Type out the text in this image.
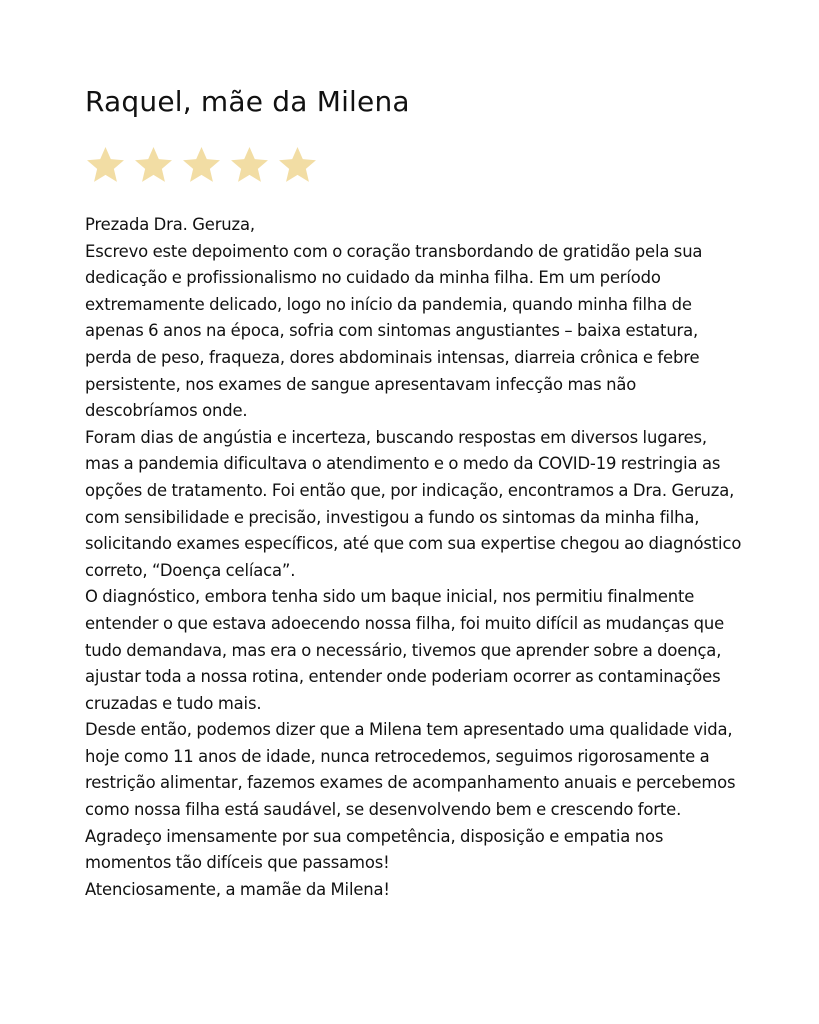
Raquel, mãe da Milena
Prezada Dra. Geruza,
Escrevo este depoimento com o coração transbordando de gratidão pela sua dedicação e profissionalismo no cuidado da minha filha. Em um período extremamente delicado, logo no início da pandemia, quando minha filha de apenas 6 anos na época, sofria com sintomas angustiantes – baixa estatura, perda de peso, fraqueza, dores abdominais intensas, diarreia crônica e febre persistente, nos exames de sangue apresentavam infecção mas não descobríamos onde.
Foram dias de angústia e incerteza, buscando respostas em diversos lugares, mas a pandemia dificultava o atendimento e o medo da COVID-19 restringia as opções de tratamento. Foi então que, por indicação, encontramos a Dra. Geruza, com sensibilidade e precisão, investigou a fundo os sintomas da minha filha, solicitando exames específicos, até que com sua expertise chegou ao diagnóstico correto, “Doença celíaca”.
O diagnóstico, embora tenha sido um baque inicial, nos permitiu finalmente entender o que estava adoecendo nossa filha, foi muito difícil as mudanças que tudo demandava, mas era o necessário, tivemos que aprender sobre a doença, ajustar toda a nossa rotina, entender onde poderiam ocorrer as contaminações cruzadas e tudo mais.
Desde então, podemos dizer que a Milena tem apresentado uma qualidade vida, hoje como 11 anos de idade, nunca retrocedemos, seguimos rigorosamente a restrição alimentar, fazemos exames de acompanhamento anuais e percebemos como nossa filha está saudável, se desenvolvendo bem e crescendo forte.
Agradeço imensamente por sua competência, disposição e empatia nos momentos tão difíceis que passamos!
Atenciosamente, a mamãe da Milena!
